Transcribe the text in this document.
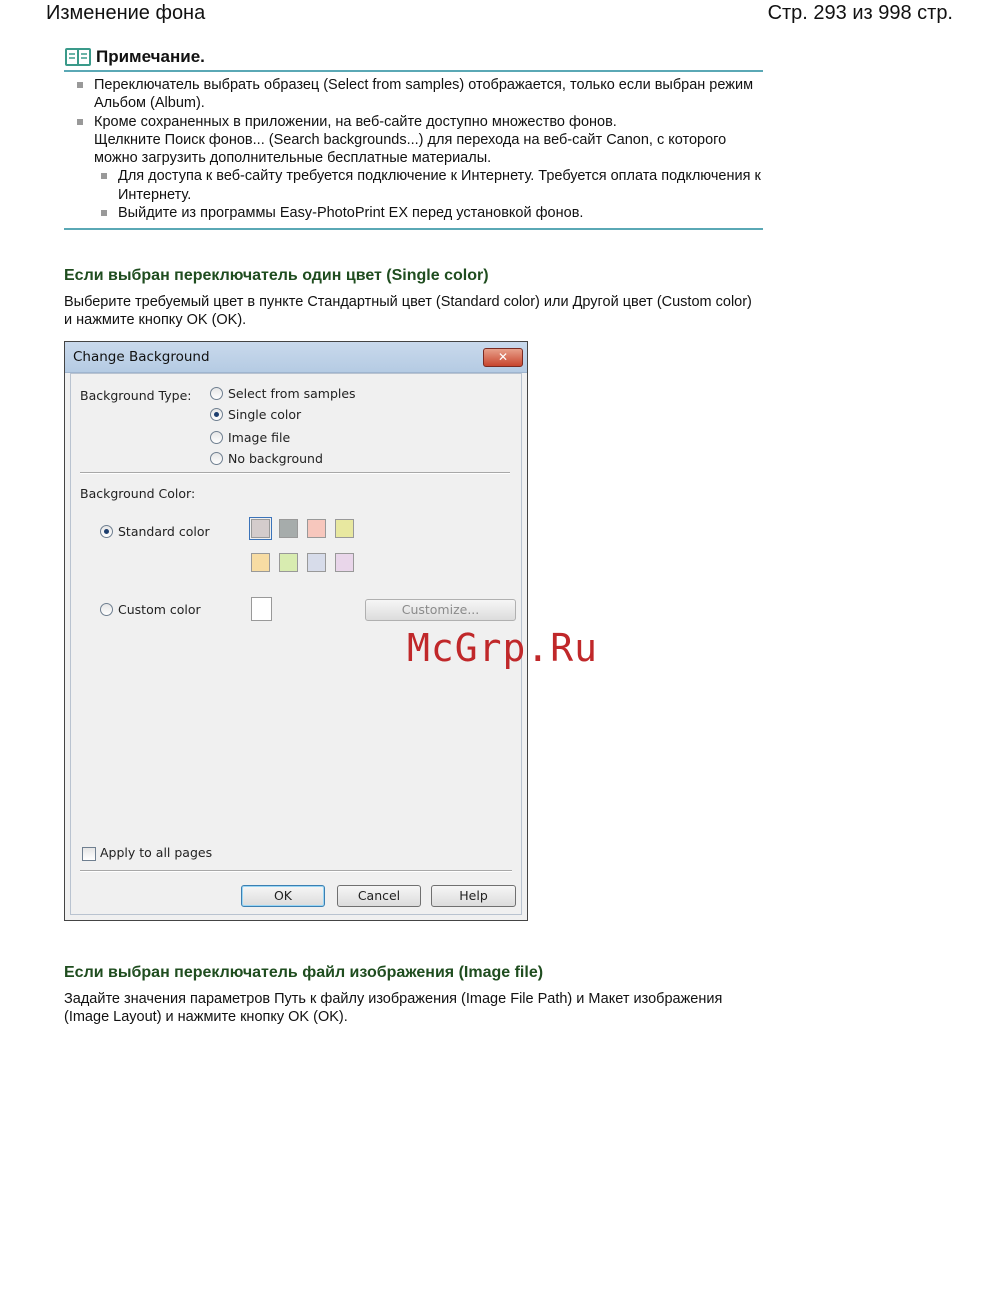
Изменение фона	Стр. 293 из 998 стр.
Примечание.
Переключатель выбрать образец (Select from samples) отображается, только если выбран режим Альбом (Album).
Кроме сохраненных в приложении, на веб-сайте доступно множество фонов.
Щелкните Поиск фонов... (Search backgrounds...) для перехода на веб-сайт Canon, с которого можно загрузить дополнительные бесплатные материалы.
Для доступа к веб-сайту требуется подключение к Интернету. Требуется оплата подключения к Интернету.
Выйдите из программы Easy-PhotoPrint EX перед установкой фонов.
Если выбран переключатель один цвет (Single color)
Выберите требуемый цвет в пункте Стандартный цвет (Standard color) или Другой цвет (Custom color) и нажмите кнопку OK (OK).
Change Background	✕
Background Type:	Select from samples
Single color
Image file
No background
Background Color:
Standard color
Custom color	Customize...
Apply to all pages
OK	Cancel	Help
McGrp.Ru
Если выбран переключатель файл изображения (Image file)
Задайте значения параметров Путь к файлу изображения (Image File Path) и Макет изображения (Image Layout) и нажмите кнопку OK (OK).
